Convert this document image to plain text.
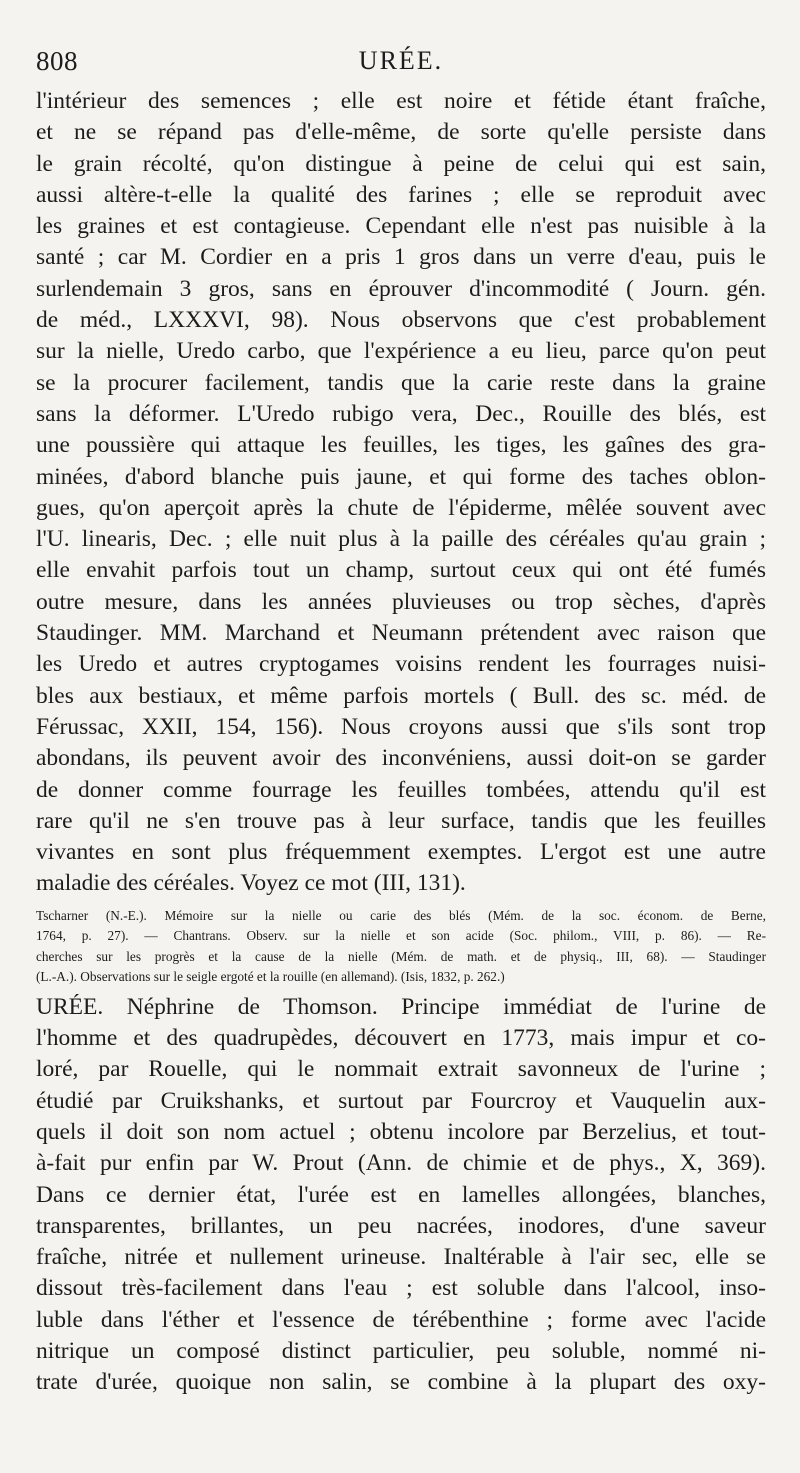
808	URÉE.
l'intérieur des semences ; elle est noire et fétide étant fraîche,
et ne se répand pas d'elle-même, de sorte qu'elle persiste dans
le grain récolté, qu'on distingue à peine de celui qui est sain,
aussi altère-t-elle la qualité des farines ; elle se reproduit avec
les graines et est contagieuse. Cependant elle n'est pas nuisible à la
santé ; car M. Cordier en a pris 1 gros dans un verre d'eau, puis le
surlendemain 3 gros, sans en éprouver d'incommodité ( Journ. gén.
de méd., LXXXVI, 98). Nous observons que c'est probablement
sur la nielle, Uredo carbo, que l'expérience a eu lieu, parce qu'on peut
se la procurer facilement, tandis que la carie reste dans la graine
sans la déformer. L'Uredo rubigo vera, Dec., Rouille des blés, est
une poussière qui attaque les feuilles, les tiges, les gaînes des gra-
minées, d'abord blanche puis jaune, et qui forme des taches oblon-
gues, qu'on aperçoit après la chute de l'épiderme, mêlée souvent avec
l'U. linearis, Dec. ; elle nuit plus à la paille des céréales qu'au grain ;
elle envahit parfois tout un champ, surtout ceux qui ont été fumés
outre mesure, dans les années pluvieuses ou trop sèches, d'après
Staudinger. MM. Marchand et Neumann prétendent avec raison que
les Uredo et autres cryptogames voisins rendent les fourrages nuisi-
bles aux bestiaux, et même parfois mortels ( Bull. des sc. méd. de
Férussac, XXII, 154, 156). Nous croyons aussi que s'ils sont trop
abondans, ils peuvent avoir des inconvéniens, aussi doit-on se garder
de donner comme fourrage les feuilles tombées, attendu qu'il est
rare qu'il ne s'en trouve pas à leur surface, tandis que les feuilles
vivantes en sont plus fréquemment exemptes. L'ergot est une autre
maladie des céréales. Voyez ce mot (III, 131).
Tscharner (N.-E.). Mémoire sur la nielle ou carie des blés (Mém. de la soc. économ. de Berne,
1764, p. 27). — Chantrans. Observ. sur la nielle et son acide (Soc. philom., VIII, p. 86). — Re-
cherches sur les progrès et la cause de la nielle (Mém. de math. et de physiq., III, 68). — Staudinger
(L.-A.). Observations sur le seigle ergoté et la rouille (en allemand). (Isis, 1832, p. 262.)
URÉE. Néphrine de Thomson. Principe immédiat de l'urine de
l'homme et des quadrupèdes, découvert en 1773, mais impur et co-
loré, par Rouelle, qui le nommait extrait savonneux de l'urine ;
étudié par Cruikshanks, et surtout par Fourcroy et Vauquelin aux-
quels il doit son nom actuel ; obtenu incolore par Berzelius, et tout-
à-fait pur enfin par W. Prout (Ann. de chimie et de phys., X, 369).
Dans ce dernier état, l'urée est en lamelles allongées, blanches,
transparentes, brillantes, un peu nacrées, inodores, d'une saveur
fraîche, nitrée et nullement urineuse. Inaltérable à l'air sec, elle se
dissout très-facilement dans l'eau ; est soluble dans l'alcool, inso-
luble dans l'éther et l'essence de térébenthine ; forme avec l'acide
nitrique un composé distinct particulier, peu soluble, nommé ni-
trate d'urée, quoique non salin, se combine à la plupart des oxy-
